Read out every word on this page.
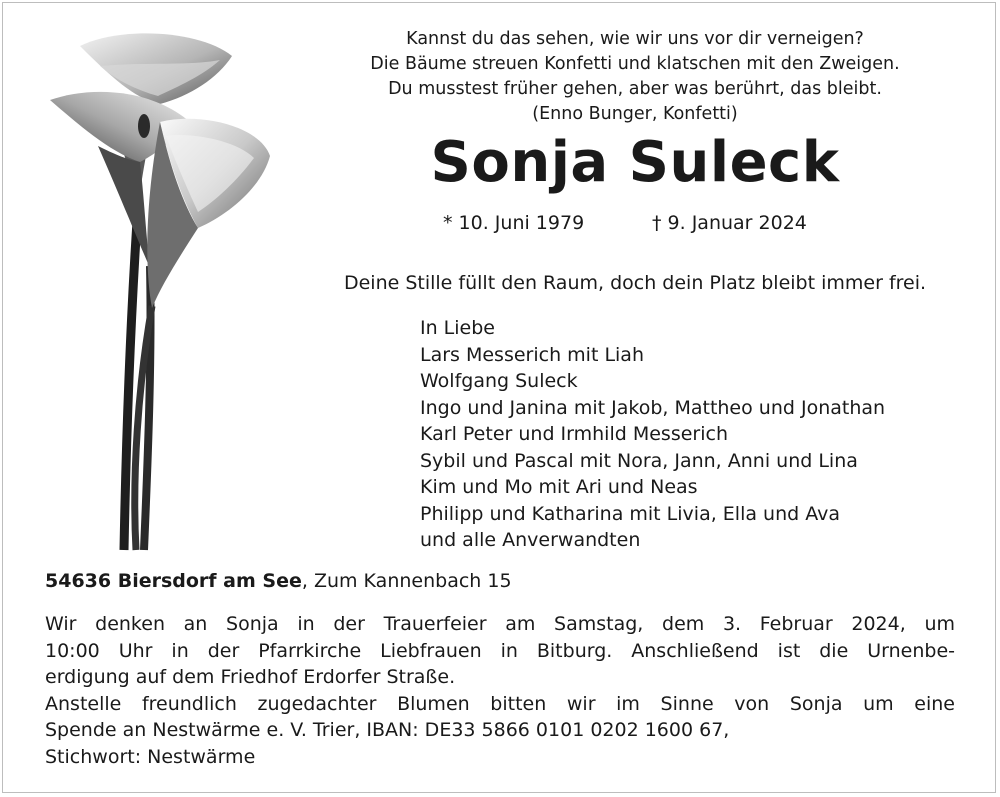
Kannst du das sehen, wie wir uns vor dir verneigen?
Die Bäume streuen Konfetti und klatschen mit den Zweigen.
Du musstest früher gehen, aber was berührt, das bleibt.
(Enno Bunger, Konfetti)
Sonja Suleck
* 10. Juni 1979	† 9. Januar 2024
Deine Stille füllt den Raum, doch dein Platz bleibt immer frei.
In Liebe
Lars Messerich mit Liah
Wolfgang Suleck
Ingo und Janina mit Jakob, Mattheo und Jonathan
Karl Peter und Irmhild Messerich
Sybil und Pascal mit Nora, Jann, Anni und Lina
Kim und Mo mit Ari und Neas
Philipp und Katharina mit Livia, Ella und Ava
und alle Anverwandten
54636 Biersdorf am See, Zum Kannenbach 15
Wir denken an Sonja in der Trauerfeier am Samstag, dem 3. Februar 2024, um
10:00 Uhr in der Pfarrkirche Liebfrauen in Bitburg. Anschließend ist die Urnenbe-
erdigung auf dem Friedhof Erdorfer Straße.
Anstelle freundlich zugedachter Blumen bitten wir im Sinne von Sonja um eine
Spende an Nestwärme e. V. Trier, IBAN: DE33 5866 0101 0202 1600 67,
Stichwort: Nestwärme
